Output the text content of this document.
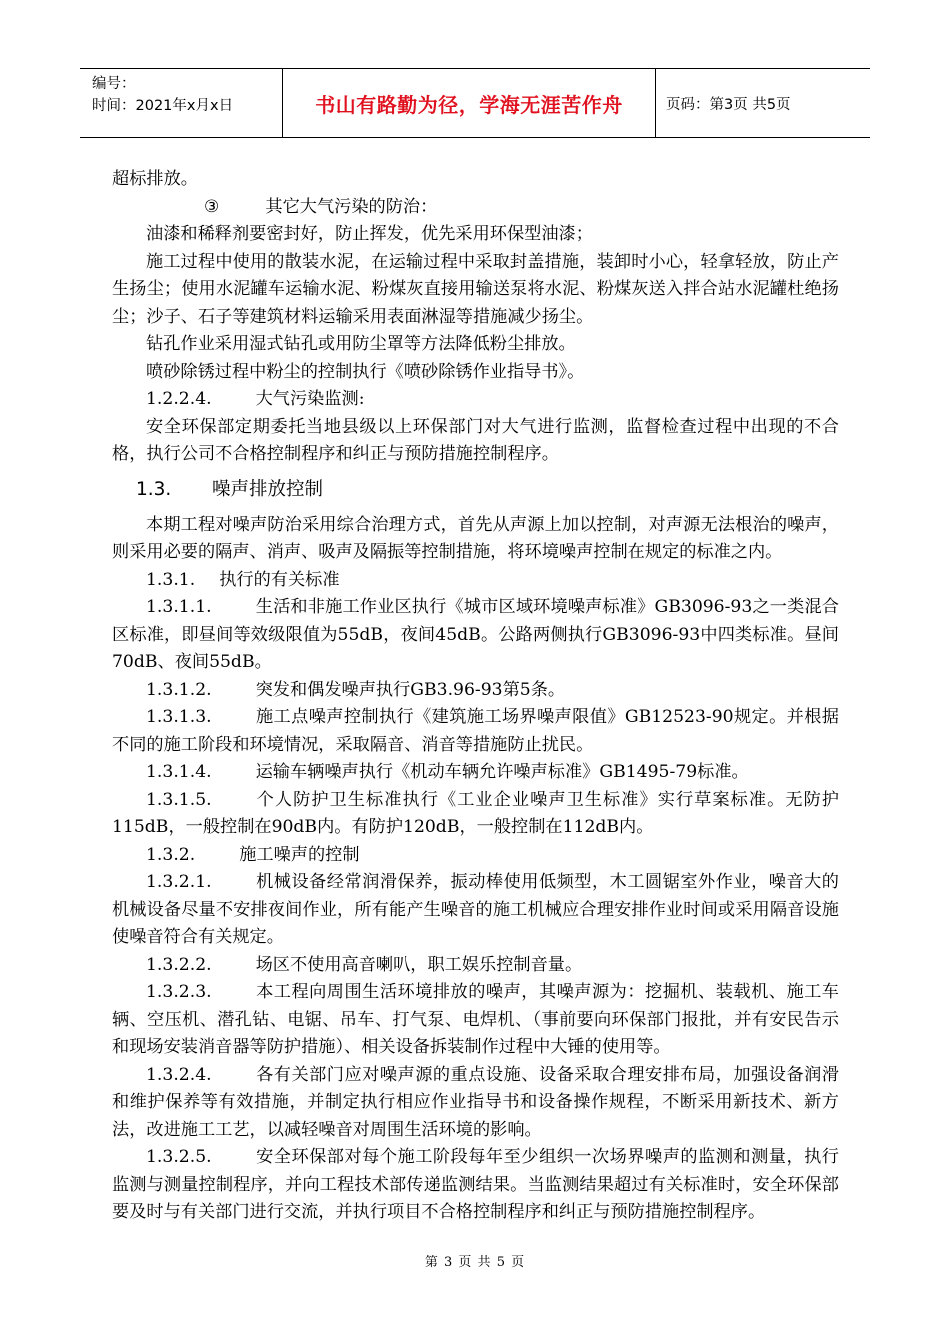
编号：
时间：2021年x月x日	书山有路勤为径，学海无涯苦作舟	页码：第3页 共5页

超标排放。

③	其它大气污染的防治：

油漆和稀释剂要密封好，防止挥发，优先采用环保型油漆；

施工过程中使用的散装水泥，在运输过程中采取封盖措施，装卸时小心，轻拿轻放，防止产生扬尘；使用水泥罐车运输水泥、粉煤灰直接用输送泵将水泥、粉煤灰送入拌合站水泥罐杜绝扬尘；沙子、石子等建筑材料运输采用表面淋湿等措施减少扬尘。

钻孔作业采用湿式钻孔或用防尘罩等方法降低粉尘排放。

喷砂除锈过程中粉尘的控制执行《喷砂除锈作业指导书》。

1.2.2.4.	大气污染监测:

安全环保部定期委托当地县级以上环保部门对大气进行监测，监督检查过程中出现的不合格，执行公司不合格控制程序和纠正与预防措施控制程序。

1.3. 噪声排放控制

本期工程对噪声防治采用综合治理方式，首先从声源上加以控制，对声源无法根治的噪声，则采用必要的隔声、消声、吸声及隔振等控制措施，将环境噪声控制在规定的标准之内。

1.3.1. 执行的有关标准

1.3.1.1.	生活和非施工作业区执行《城市区域环境噪声标准》GB3096-93之一类混合区标准，即昼间等效级限值为55dB，夜间45dB。公路两侧执行GB3096-93中四类标准。昼间70dB、夜间55dB。

1.3.1.2.	突发和偶发噪声执行GB3.96-93第5条。

1.3.1.3.	施工点噪声控制执行《建筑施工场界噪声限值》GB12523-90规定。并根据不同的施工阶段和环境情况，采取隔音、消音等措施防止扰民。

1.3.1.4.	运输车辆噪声执行《机动车辆允许噪声标准》GB1495-79标准。

1.3.1.5.	个人防护卫生标准执行《工业企业噪声卫生标准》实行草案标准。无防护115dB，一般控制在90dB内。有防护120dB，一般控制在112dB内。

1.3.2.	施工噪声的控制

1.3.2.1.	机械设备经常润滑保养，振动棒使用低频型，木工圆锯室外作业，噪音大的机械设备尽量不安排夜间作业，所有能产生噪音的施工机械应合理安排作业时间或采用隔音设施使噪音符合有关规定。

1.3.2.2.	场区不使用高音喇叭，职工娱乐控制音量。

1.3.2.3.	本工程向周围生活环境排放的噪声，其噪声源为：挖掘机、装载机、施工车辆、空压机、潜孔钻、电锯、吊车、打气泵、电焊机、（事前要向环保部门报批，并有安民告示和现场安装消音器等防护措施）、相关设备拆装制作过程中大锤的使用等。

1.3.2.4.	各有关部门应对噪声源的重点设施、设备采取合理安排布局，加强设备润滑和维护保养等有效措施，并制定执行相应作业指导书和设备操作规程，不断采用新技术、新方法，改进施工工艺，以减轻噪音对周围生活环境的影响。

1.3.2.5.	安全环保部对每个施工阶段每年至少组织一次场界噪声的监测和测量，执行监测与测量控制程序，并向工程技术部传递监测结果。当监测结果超过有关标准时，安全环保部要及时与有关部门进行交流，并执行项目不合格控制程序和纠正与预防措施控制程序。

第 3 页 共 5 页
